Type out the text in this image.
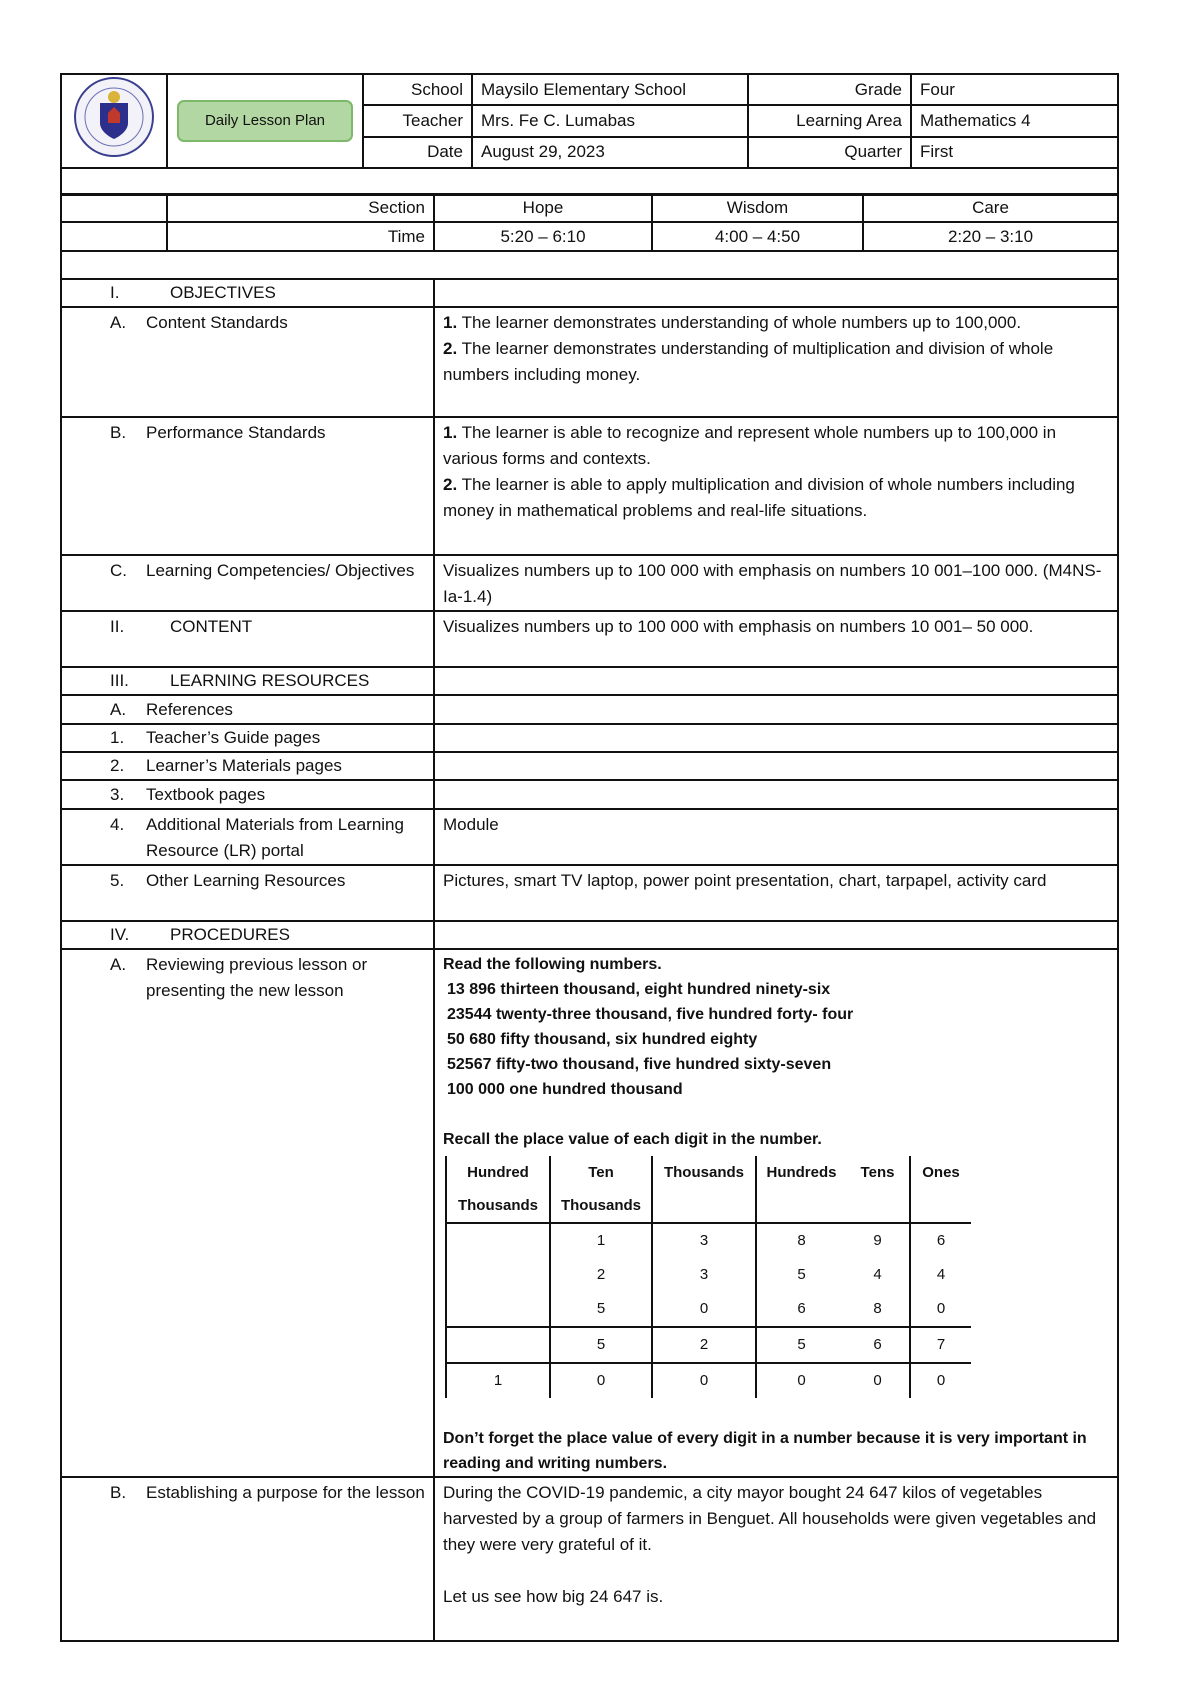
Daily Lesson Plan	School	Maysilo Elementary School	Grade	Four
		Teacher	Mrs. Fe C. Lumabas	Learning Area	Mathematics 4
		Date	August 29, 2023	Quarter	First

	Section	Hope	Wisdom	Care
	Time	5:20 – 6:10	4:00 – 4:50	2:20 – 3:10

I.	OBJECTIVES

A.	Content Standards	1. The learner demonstrates understanding of whole numbers up to 100,000.
2. The learner demonstrates understanding of multiplication and division of whole numbers including money.

B.	Performance Standards	1. The learner is able to recognize and represent whole numbers up to 100,000 in various forms and contexts.
2. The learner is able to apply multiplication and division of whole numbers including money in mathematical problems and real-life situations.

C.	Learning Competencies/ Objectives	Visualizes numbers up to 100 000 with emphasis on numbers 10 001–100 000. (M4NS-Ia-1.4)

II.	CONTENT	Visualizes numbers up to 100 000 with emphasis on numbers 10 001– 50 000.

III.	LEARNING RESOURCES

A.	References

1.	Teacher’s Guide pages

2.	Learner’s Materials pages

3.	Textbook pages

4.	Additional Materials from Learning Resource (LR) portal
	Module

5.	Other Learning Resources	Pictures, smart TV laptop, power point presentation, chart, tarpapel, activity card

IV.	PROCEDURES

A.	Reviewing previous lesson or presenting the new lesson

Read the following numbers.
13 896 thirteen thousand, eight hundred ninety-six
23544 twenty-three thousand, five hundred forty- four
50 680 fifty thousand, six hundred eighty
52567 fifty-two thousand, five hundred sixty-seven
100 000 one hundred thousand
Recall the place value of each digit in the number.
Hundred	Ten	Thousands	Hundreds	Tens	Ones
Thousands	Thousands				
	1	3	8	9	6
	2	3	5	4	4
	5	0	6	8	0
	5	2	5	6	7
1	0	0	0	0	0
Don’t forget the place value of every digit in a number because it is very important in reading and writing numbers.

B.	Establishing a purpose for the lesson	During the COVID-19 pandemic, a city mayor bought 24 647 kilos of vegetables harvested by a group of farmers in Benguet. All households were given vegetables and they were very grateful of it.
Let us see how big 24 647 is.
